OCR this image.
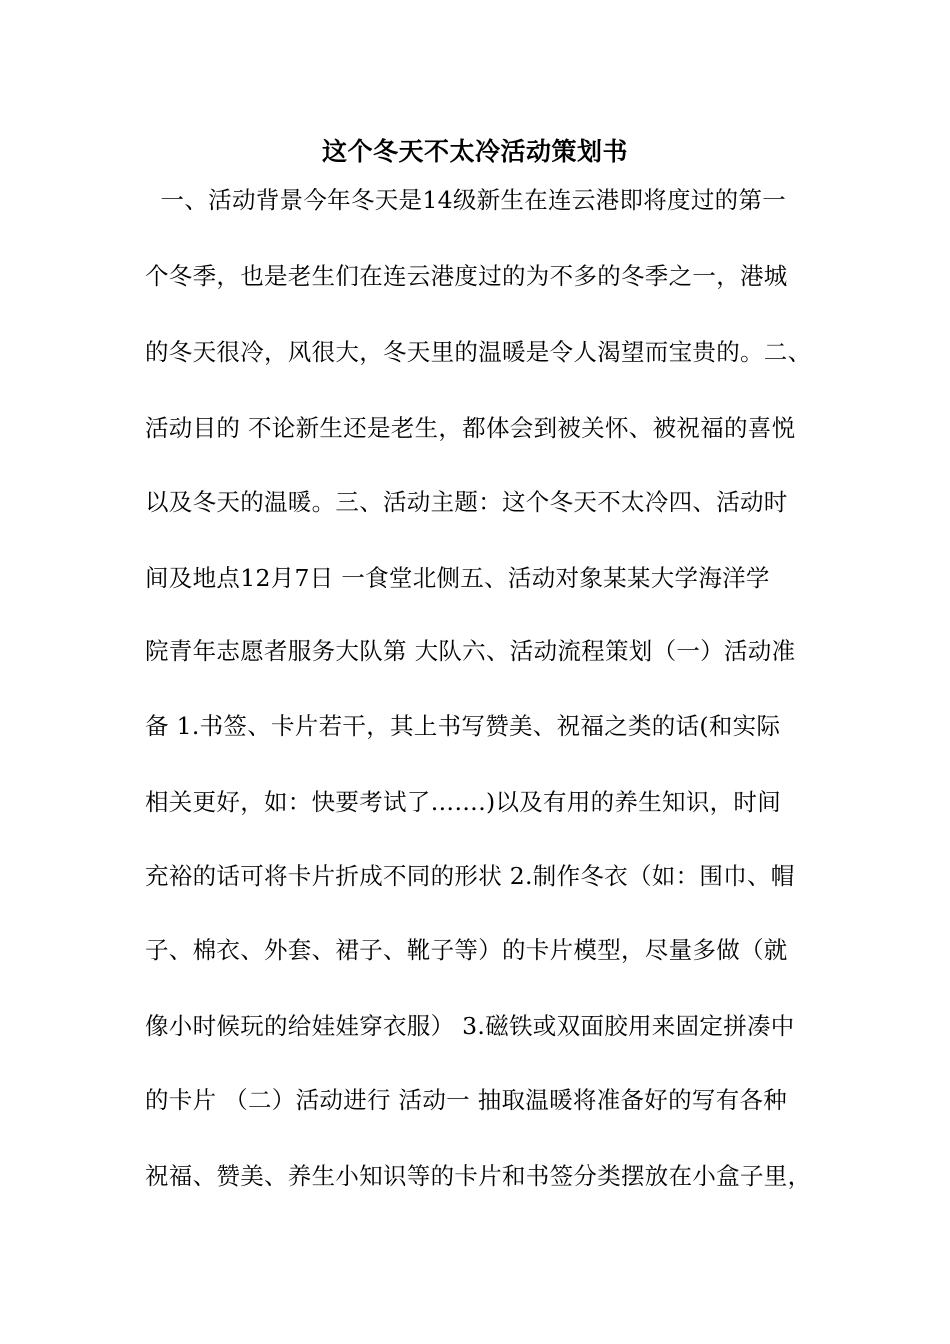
这个冬天不太冷活动策划书
一、活动背景今年冬天是14级新生在连云港即将度过的第一
个冬季，也是老生们在连云港度过的为不多的冬季之一，港城
的冬天很冷，风很大，冬天里的温暖是令人渴望而宝贵的。二、
活动目的 不论新生还是老生，都体会到被关怀、被祝福的喜悦
以及冬天的温暖。三、活动主题：这个冬天不太冷四、活动时
间及地点12月7日 一食堂北侧五、活动对象某某大学海洋学
院青年志愿者服务大队第 大队六、活动流程策划（一）活动准
备 1.书签、卡片若干，其上书写赞美、祝福之类的话(和实际
相关更好，如：快要考试了…….)以及有用的养生知识，时间
充裕的话可将卡片折成不同的形状 2.制作冬衣（如：围巾、帽
子、棉衣、外套、裙子、靴子等）的卡片模型，尽量多做（就
像小时候玩的给娃娃穿衣服） 3.磁铁或双面胶用来固定拼凑中
的卡片 （二）活动进行 活动一 抽取温暖将准备好的写有各种
祝福、赞美、养生小知识等的卡片和书签分类摆放在小盒子里，
